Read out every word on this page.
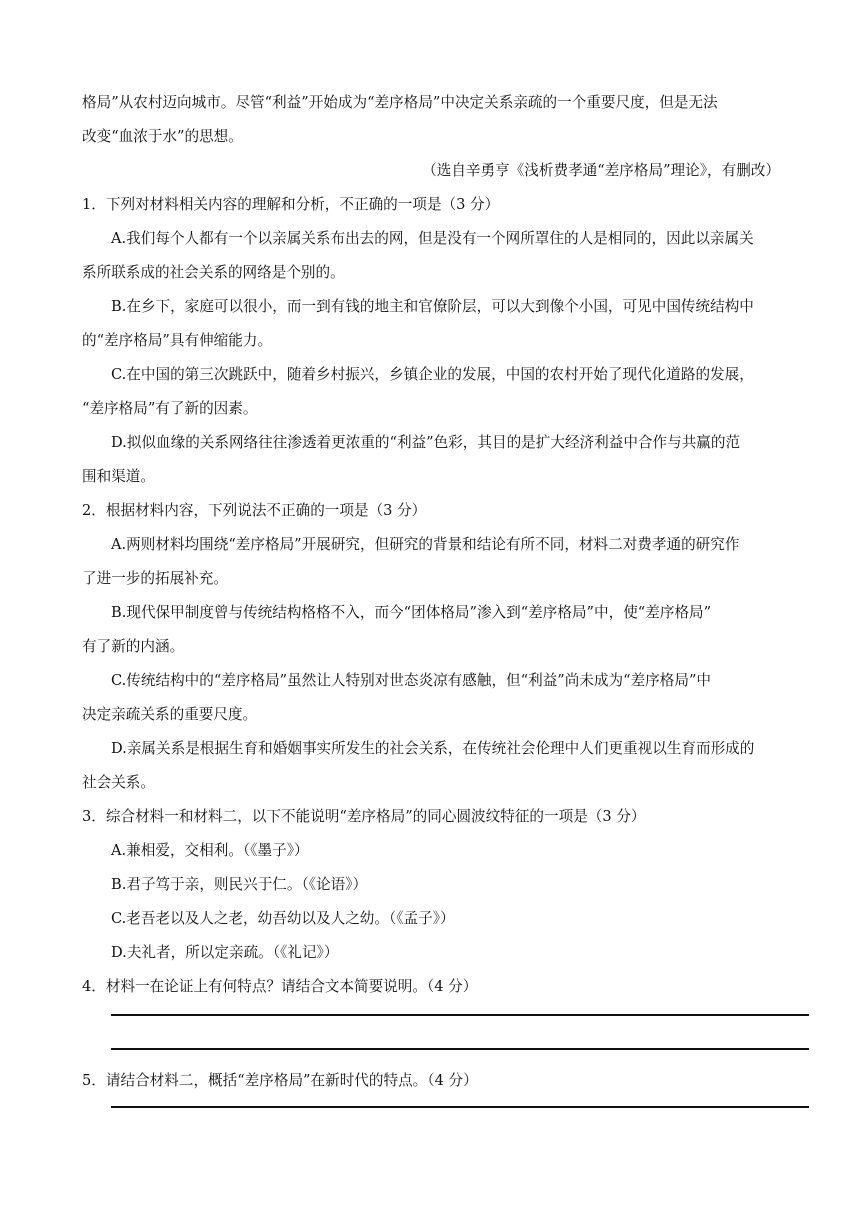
格局”从农村迈向城市。尽管“利益”开始成为“差序格局”中决定关系亲疏的一个重要尺度，但是无法
改变“血浓于水”的思想。
（选自辛勇亨《浅析费孝通“差序格局”理论》，有删改）
1．下列对材料相关内容的理解和分析，不正确的一项是（3 分）
A.我们每个人都有一个以亲属关系布出去的网，但是没有一个网所罩住的人是相同的，因此以亲属关
系所联系成的社会关系的网络是个别的。
B.在乡下，家庭可以很小，而一到有钱的地主和官僚阶层，可以大到像个小国，可见中国传统结构中
的“差序格局”具有伸缩能力。
C.在中国的第三次跳跃中，随着乡村振兴，乡镇企业的发展，中国的农村开始了现代化道路的发展，
“差序格局”有了新的因素。
D.拟似血缘的关系网络往往渗透着更浓重的“利益”色彩，其目的是扩大经济利益中合作与共赢的范
围和渠道。
2．根据材料内容，下列说法不正确的一项是（3 分）
A.两则材料均围绕“差序格局”开展研究，但研究的背景和结论有所不同，材料二对费孝通的研究作
了进一步的拓展补充。
B.现代保甲制度曾与传统结构格格不入，而今“团体格局”渗入到“差序格局”中，使“差序格局”
有了新的内涵。
C.传统结构中的“差序格局”虽然让人特别对世态炎凉有感触，但“利益”尚未成为“差序格局”中
决定亲疏关系的重要尺度。
D.亲属关系是根据生育和婚姻事实所发生的社会关系，在传统社会伦理中人们更重视以生育而形成的
社会关系。
3．综合材料一和材料二，以下不能说明“差序格局”的同心圆波纹特征的一项是（3 分）
A.兼相爱，交相利。（《墨子》）
B.君子笃于亲，则民兴于仁。（《论语》）
C.老吾老以及人之老，幼吾幼以及人之幼。（《孟子》）
D.夫礼者，所以定亲疏。（《礼记》）
4．材料一在论证上有何特点？请结合文本简要说明。（4 分）
5．请结合材料二，概括“差序格局”在新时代的特点。（4 分）
